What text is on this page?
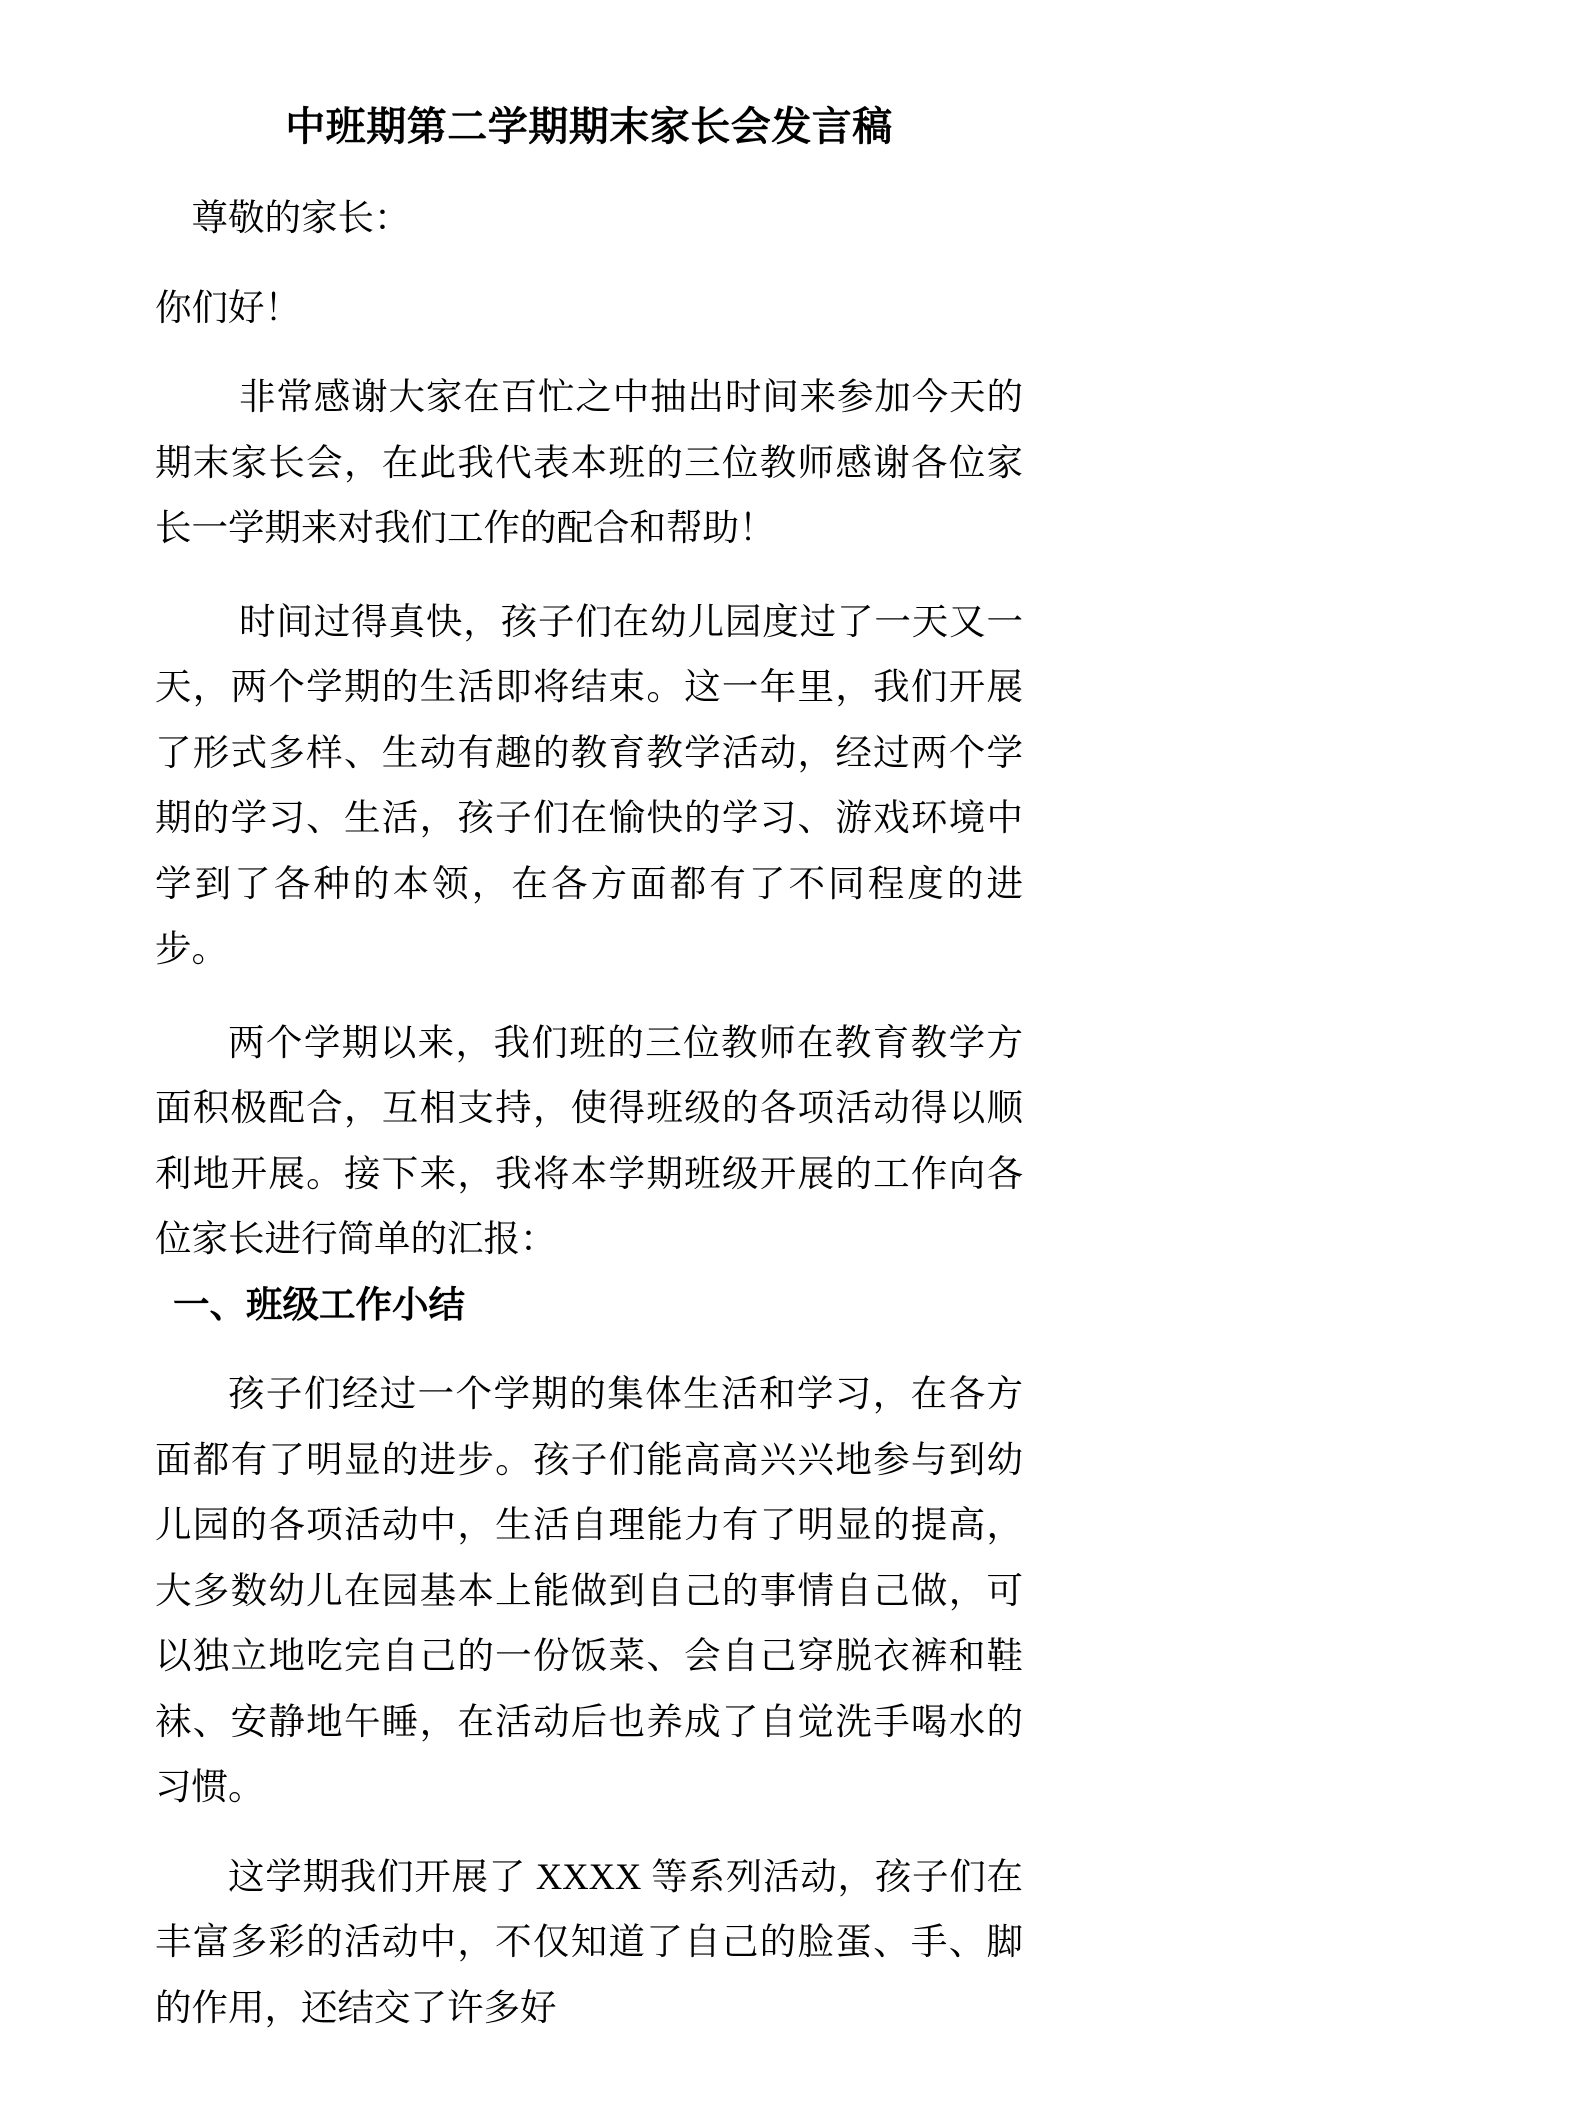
中班期第二学期期末家长会发言稿

尊敬的家长：

你们好！

非常感谢大家在百忙之中抽出时间来参加今天的期末家长会，在此我代表本班的三位教师感谢各位家长一学期来对我们工作的配合和帮助！

时间过得真快，孩子们在幼儿园度过了一天又一天，两个学期的生活即将结束。这一年里，我们开展了形式多样、生动有趣的教育教学活动，经过两个学期的学习、生活，孩子们在愉快的学习、游戏环境中学到了各种的本领，在各方面都有了不同程度的进步。

两个学期以来，我们班的三位教师在教育教学方面积极配合，互相支持，使得班级的各项活动得以顺利地开展。接下来，我将本学期班级开展的工作向各位家长进行简单的汇报：

一、班级工作小结

孩子们经过一个学期的集体生活和学习，在各方面都有了明显的进步。孩子们能高高兴兴地参与到幼儿园的各项活动中，生活自理能力有了明显的提高，大多数幼儿在园基本上能做到自己的事情自己做，可以独立地吃完自己的一份饭菜、会自己穿脱衣裤和鞋袜、安静地午睡，在活动后也养成了自觉洗手喝水的习惯。

这学期我们开展了 XXXX 等系列活动，孩子们在丰富多彩的活动中，不仅知道了自己的脸蛋、手、脚的作用，还结交了许多好
